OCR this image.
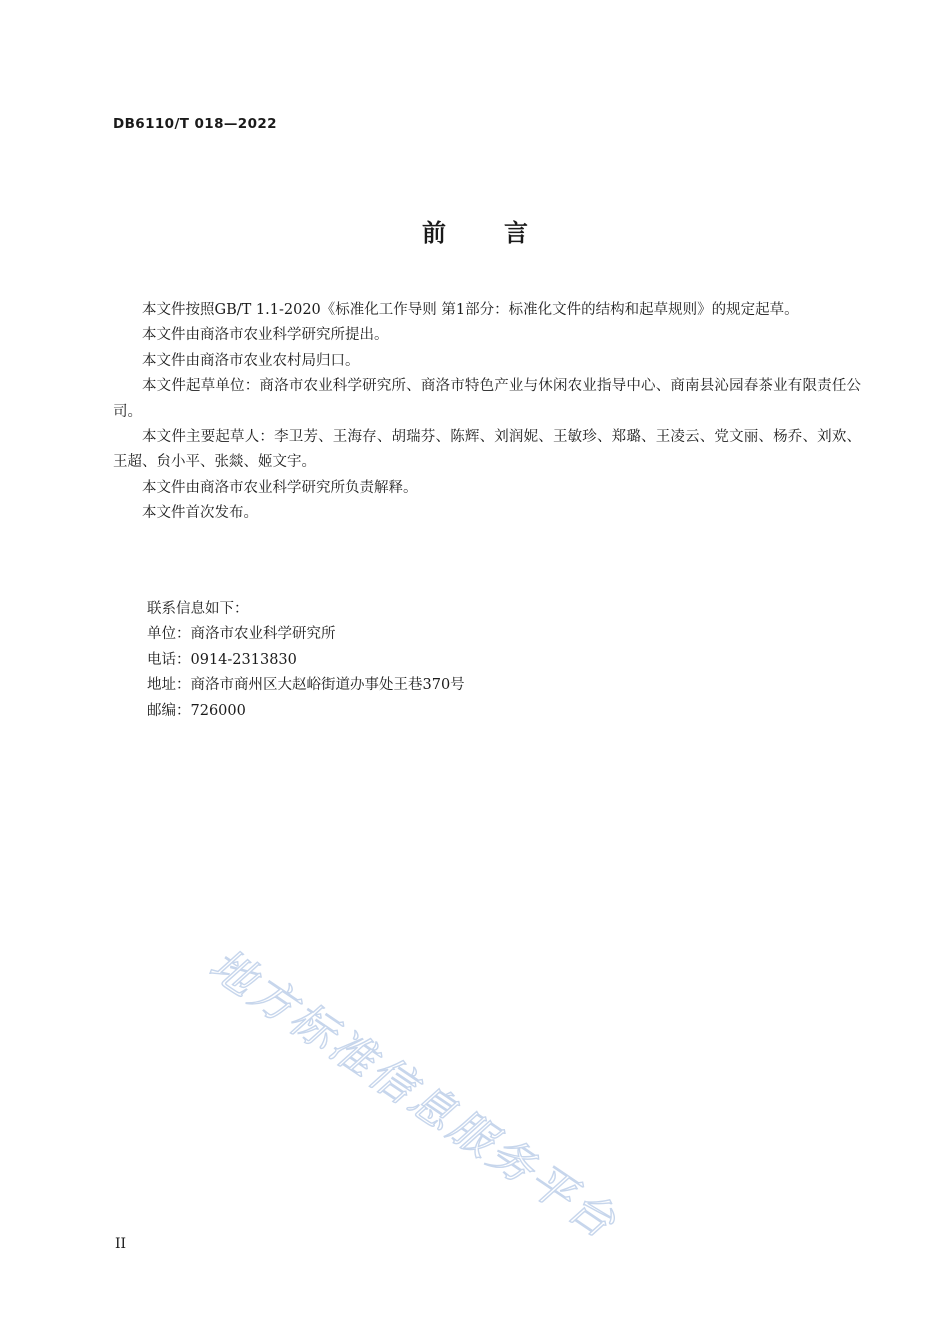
DB6110/T 018—2022
前言

本文件按照GB/T 1.1-2020《标准化工作导则 第1部分：标准化文件的结构和起草规则》的规定起草。

本文件由商洛市农业科学研究所提出。

本文件由商洛市农业农村局归口。

本文件起草单位：商洛市农业科学研究所、商洛市特色产业与休闲农业指导中心、商南县沁园春茶业有限责任公司。

本文件主要起草人：李卫芳、王海存、胡瑞芬、陈辉、刘润妮、王敏珍、郑璐、王凌云、党文丽、杨乔、刘欢、王超、贠小平、张燚、姬文宇。

本文件由商洛市农业科学研究所负责解释。

本文件首次发布。

联系信息如下：

单位：商洛市农业科学研究所

电话：0914-2313830

地址：商洛市商州区大赵峪街道办事处王巷370号

邮编：726000

地方标准信息服务平台
II
